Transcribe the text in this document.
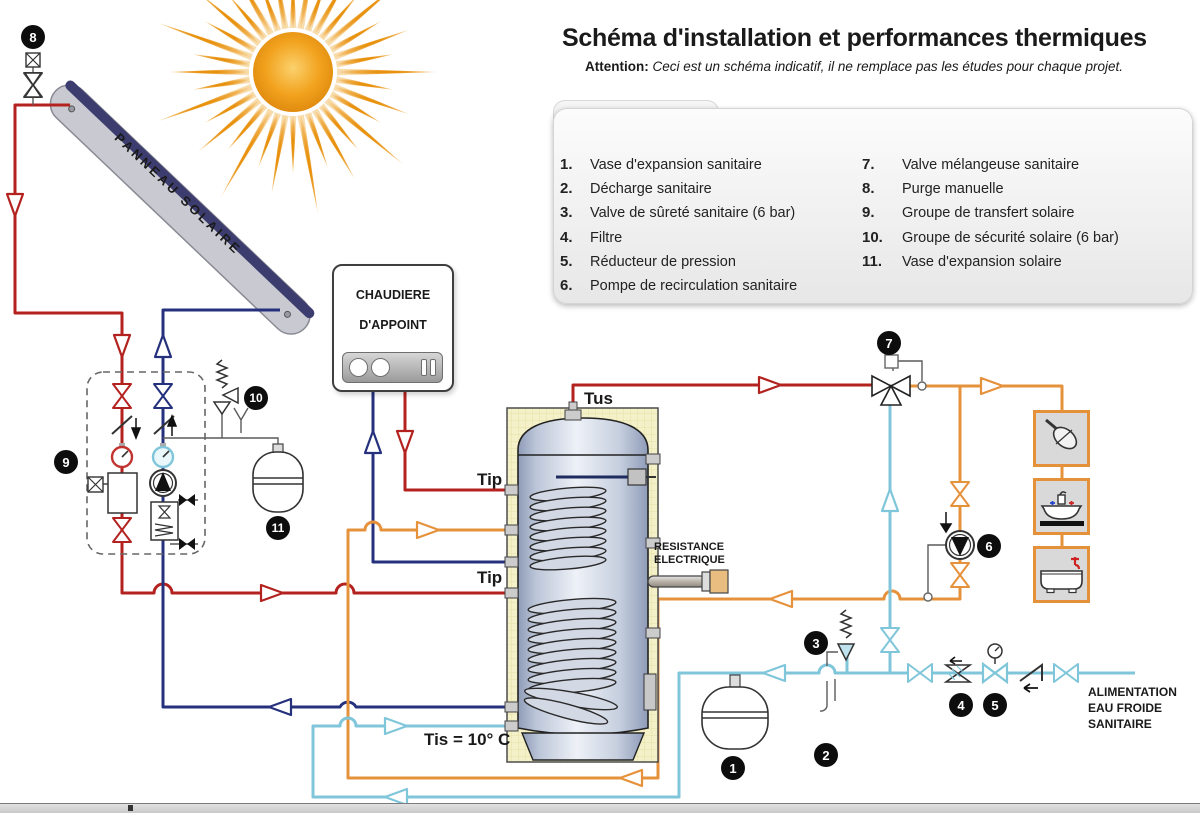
Schéma d'installation et performances thermiques
Attention: Ceci est un schéma indicatif, il ne remplace pas les études pour chaque projet.
1.	Vase d'expansion sanitaire
2.	Décharge sanitaire
3.	Valve de sûreté sanitaire (6 bar)
4.	Filtre
5.	Réducteur de pression
6.	Pompe de recirculation sanitaire
7.	Valve mélangeuse sanitaire
8.	Purge manuelle
9.	Groupe de transfert solaire
10.	Groupe de sécurité solaire (6 bar)
11.	Vase d'expansion solaire
PANNEAU SOLAIRE
CHAUDIERE
D'APPOINT
Tus
Tip
Tip
Tis = 10° C
RESISTANCE
ELECTRIQUE
ALIMENTATION
EAU FROIDE
SANITAIRE
1
2
3
4	5
6
7
8
9
10
11
